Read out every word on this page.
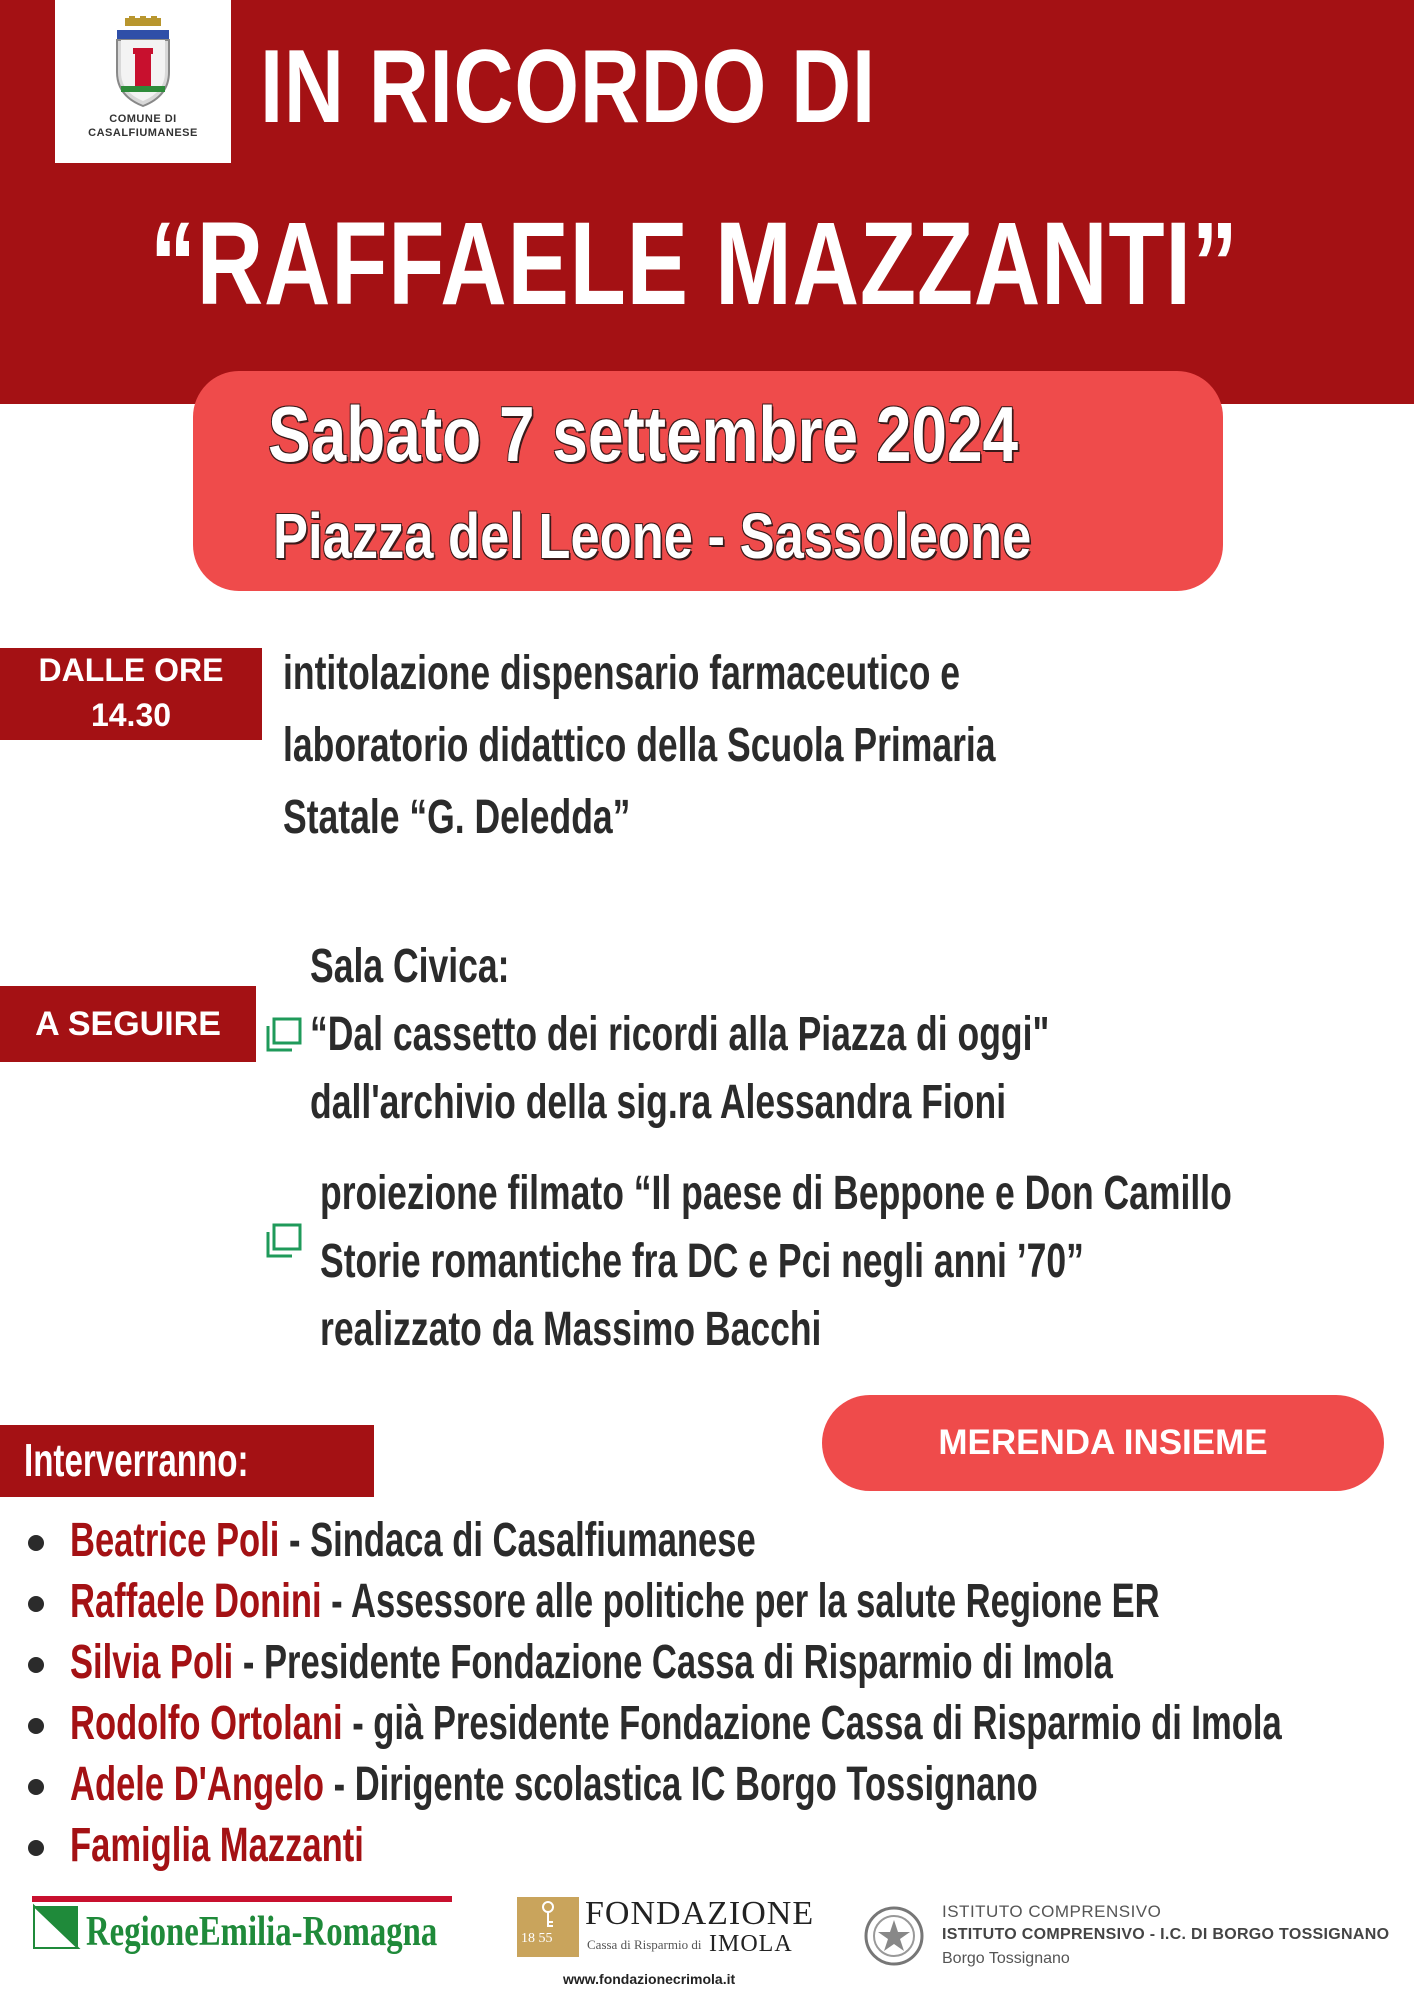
COMUNE DI
CASALFIUMANESE IN RICORDO DI
“RAFFAELE MAZZANTI”
Sabato 7 settembre 2024
Piazza del Leone - Sassoleone
DALLE ORE
14.30
intitolazione dispensario farmaceutico e
laboratorio didattico della Scuola Primaria
Statale “G. Deledda”
A SEGUIRE
Sala Civica:
“Dal cassetto dei ricordi alla Piazza di oggi"
dall'archivio della sig.ra Alessandra Fioni
proiezione filmato “Il paese di Beppone e Don Camillo
Storie romantiche fra DC e Pci negli anni ’70”
realizzato da Massimo Bacchi
MERENDA INSIEME
Interverranno:
Beatrice Poli - Sindaca di Casalfiumanese
Raffaele Donini - Assessore alle politiche per la salute Regione ER
Silvia Poli - Presidente Fondazione Cassa di Risparmio di Imola
Rodolfo Ortolani - già Presidente Fondazione Cassa di Risparmio di Imola
Adele D'Angelo - Dirigente scolastica IC Borgo Tossignano
Famiglia Mazzanti
RegioneEmilia-Romagna	18 55
FONDAZIONE
Cassa di Risparmio di IMOLA
www.fondazionecrimola.it
ISTITUTO COMPRENSIVO
ISTITUTO COMPRENSIVO - I.C. DI BORGO TOSSIGNANO
Borgo Tossignano
